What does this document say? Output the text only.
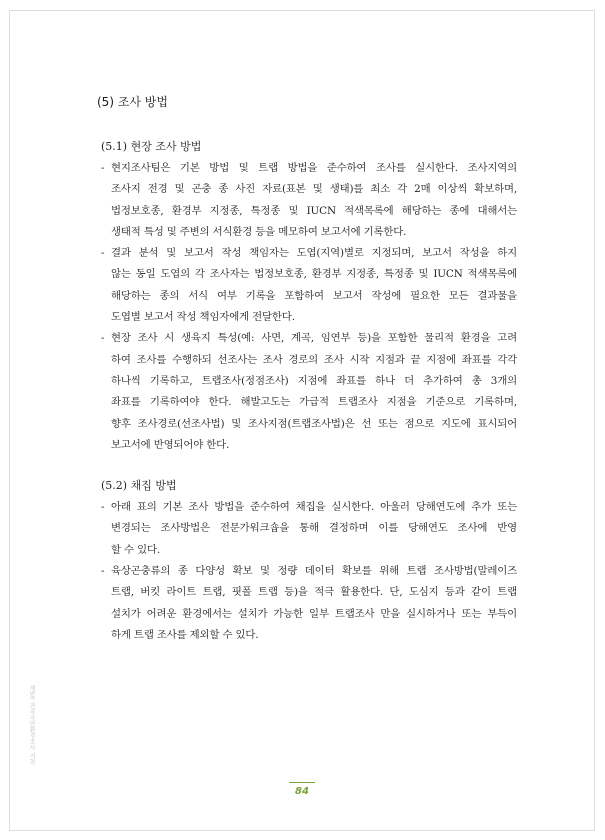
(5) 조사 방법
(5.1) 현장 조사 방법
- 현지조사팀은 기본 방법 및 트랩 방법을 준수하여 조사를 실시한다. 조사지역의
조사지 전경 및 곤충 종 사진 자료(표본 및 생태)를 최소 각 2매 이상씩 확보하며,
법정보호종, 환경부 지정종, 특정종 및 IUCN 적색목록에 해당하는 종에 대해서는
생태적 특성 및 주변의 서식환경 등을 메모하여 보고서에 기록한다.
- 결과 분석 및 보고서 작성 책임자는 도엽(지역)별로 지정되며, 보고서 작성을 하지
않는 동일 도엽의 각 조사자는 법정보호종, 환경부 지정종, 특정종 및 IUCN 적색목록에
해당하는 종의 서식 여부 기록을 포함하여 보고서 작성에 필요한 모든 결과물을
도엽별 보고서 작성 책임자에게 전달한다.
- 현장 조사 시 생육지 특성(예: 사면, 계곡, 임연부 등)을 포함한 물리적 환경을 고려
하여 조사를 수행하되 선조사는 조사 경로의 조사 시작 지점과 끝 지점에 좌표를 각각
하나씩 기록하고, 트랩조사(정점조사) 지점에 좌표를 하나 더 추가하여 총 3개의
좌표를 기록하여야 한다. 해발고도는 가급적 트랩조사 지점을 기준으로 기록하며,
향후 조사경로(선조사법) 및 조사지점(트랩조사법)은 선 또는 점으로 지도에 표시되어
보고서에 반영되어야 한다.
(5.2) 채집 방법
- 아래 표의 기본 조사 방법을 준수하여 채집을 실시한다. 아울러 당해연도에 추가 또는
변경되는 조사방법은 전문가워크숍을 통해 결정하며 이를 당해연도 조사에 반영
할 수 있다.
- 육상곤충류의 종 다양성 확보 및 정량 데이터 확보를 위해 트랩 조사방법(말레이즈
트랩, 버킷 라이트 트랩, 핏폴 트랩 등)을 적극 활용한다. 단, 도심지 등과 같이 트랩
설치가 어려운 환경에서는 설치가 가능한 일부 트랩조사 만을 실시하거나 또는 부득이
하게 트랩 조사를 제외할 수 있다.
제5차 전국자연환경조사 지침
84
